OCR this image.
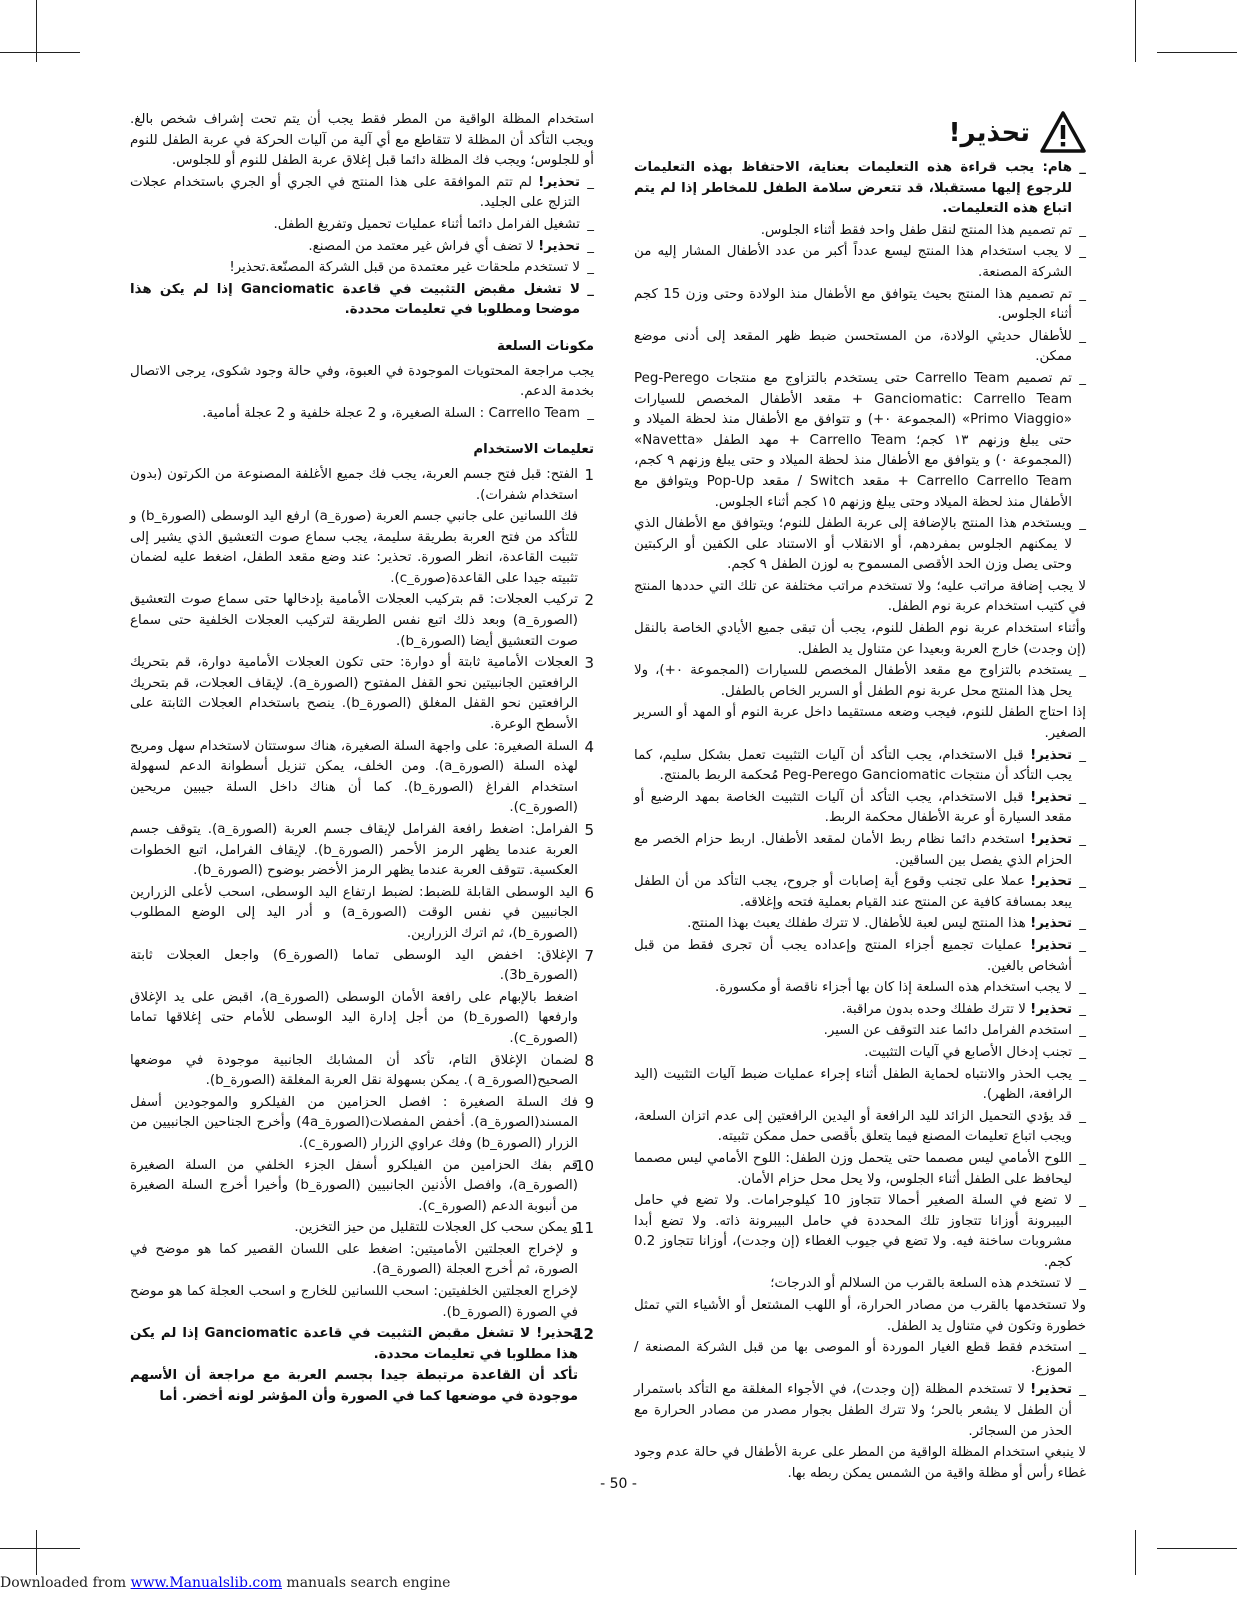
تحذير!
_ هام: يجب قراءة هذه التعليمات بعناية، الاحتفاظ بهذه التعليمات للرجوع إليها مستقبلا، قد تتعرض سلامة الطفل للمخاطر إذا لم يتم اتباع هذه التعليمات.
_ تم تصميم هذا المنتج لنقل طفل واحد فقط أثناء الجلوس.
_ لا يجب استخدام هذا المنتج ليسع عدداً أكبر من عدد الأطفال المشار إليه من الشركة المصنعة.
_ تم تصميم هذا المنتج بحيث يتوافق مع الأطفال منذ الولادة وحتى وزن 15 كجم أثناء الجلوس.
_ للأطفال حديثي الولادة، من المستحسن ضبط ظهر المقعد إلى أدنى موضع ممكن.
_ تم تصميم Carrello Team حتى يستخدم بالتزاوج مع منتجات Peg-Perego Ganciomatic: Carrello Team + مقعد الأطفال المخصص للسيارات «Primo Viaggio» (المجموعة ٠+) و تتوافق مع الأطفال منذ لحظة الميلاد و حتى يبلغ وزنهم ١٣ كجم؛ Carrello Team + مهد الطفل «Navetta» (المجموعة ٠) و يتوافق مع الأطفال منذ لحظة الميلاد و حتى يبلغ وزنهم ٩ كجم، Carrello Carrello Team + مقعد Switch / مقعد Pop-Up ويتوافق مع الأطفال منذ لحظة الميلاد وحتى يبلغ وزنهم ١٥ كجم أثناء الجلوس.
_ ويستخدم هذا المنتج بالإضافة إلى عربة الطفل للنوم؛ ويتوافق مع الأطفال الذي لا يمكنهم الجلوس بمفردهم، أو الانقلاب أو الاستناد على الكفين أو الركبتين وحتى يصل وزن الحد الأقصى المسموح به لوزن الطفل ٩ كجم.
لا يجب إضافة مراتب عليه؛ ولا تستخدم مراتب مختلفة عن تلك التي حددها المنتج في كتيب استخدام عربة نوم الطفل.
وأثناء استخدام عربة نوم الطفل للنوم، يجب أن تبقى جميع الأيادي الخاصة بالنقل (إن وجدت) خارج العربة وبعيدا عن متناول يد الطفل.
_ يستخدم بالتزاوج مع مقعد الأطفال المخصص للسيارات (المجموعة ٠+)، ولا يحل هذا المنتج محل عربة نوم الطفل أو السرير الخاص بالطفل.
إذا احتاج الطفل للنوم، فيجب وضعه مستقيما داخل عربة النوم أو المهد أو السرير الصغير.
_ تحذير! قبل الاستخدام، يجب التأكد أن آليات التثبيت تعمل بشكل سليم، كما يجب التأكد أن منتجات Peg-Perego Ganciomatic مُحكمة الربط بالمنتج.
_ تحذير! قبل الاستخدام، يجب التأكد أن آليات التثبيت الخاصة بمهد الرضيع أو مقعد السيارة أو عربة الأطفال محكمة الربط.
_ تحذير! استخدم دائما نظام ربط الأمان لمقعد الأطفال. اربط حزام الخصر مع الحزام الذي يفصل بين الساقين.
_ تحذير! عملا على تجنب وقوع أية إصابات أو جروح، يجب التأكد من أن الطفل يبعد بمسافة كافية عن المنتج عند القيام بعملية فتحه وإغلاقه.
_ تحذير! هذا المنتج ليس لعبة للأطفال. لا تترك طفلك يعبث بهذا المنتج.
_ تحذير! عمليات تجميع أجزاء المنتج وإعداده يجب أن تجرى فقط من قبل أشخاص بالغين.
_ لا يجب استخدام هذه السلعة إذا كان بها أجزاء ناقصة أو مكسورة.
_ تحذير! لا تترك طفلك وحده بدون مراقبة.
_ استخدم الفرامل دائما عند التوقف عن السير.
_ تجنب إدخال الأصابع في آليات التثبيت.
_ يجب الحذر والانتباه لحماية الطفل أثناء إجراء عمليات ضبط آليات التثبيت (اليد الرافعة، الظهر).
_ قد يؤدي التحميل الزائد لليد الرافعة أو اليدين الرافعتين إلى عدم اتزان السلعة، ويجب اتباع تعليمات المصنع فيما يتعلق بأقصى حمل ممكن تثبيته.
_ اللوح الأمامي ليس مصمما حتى يتحمل وزن الطفل: اللوح الأمامي ليس مصمما ليحافظ على الطفل أثناء الجلوس، ولا يحل محل حزام الأمان.
_ لا تضع في السلة الصغير أحمالا تتجاوز 10 كيلوجرامات. ولا تضع في حامل البيبرونة أوزانا تتجاوز تلك المحددة في حامل البيبرونة ذاته. ولا تضع أبدا مشروبات ساخنة فيه. ولا تضع في جيوب الغطاء (إن وجدت)، أوزانا تتجاوز 0.2 كجم.
_ لا تستخدم هذه السلعة بالقرب من السلالم أو الدرجات؛
ولا تستخدمها بالقرب من مصادر الحرارة، أو اللهب المشتعل أو الأشياء التي تمثل خطورة وتكون في متناول يد الطفل.
_ استخدم فقط قطع الغيار الموردة أو الموصى بها من قبل الشركة المصنعة / الموزع.
_ تحذير! لا تستخدم المظلة (إن وجدت)، في الأجواء المغلقة مع التأكد باستمرار أن الطفل لا يشعر بالحر؛ ولا تترك الطفل بجوار مصدر من مصادر الحرارة مع الحذر من السجائر.
لا ينبغي استخدام المظلة الواقية من المطر على عربة الأطفال في حالة عدم وجود غطاء رأس أو مظلة واقية من الشمس يمكن ربطه بها.
استخدام المظلة الواقية من المطر فقط يجب أن يتم تحت إشراف شخص بالغ. ويجب التأكد أن المظلة لا تتقاطع مع أي آلية من آليات الحركة في عربة الطفل للنوم أو للجلوس؛ ويجب فك المظلة دائما قبل إغلاق عربة الطفل للنوم أو للجلوس.
_ تحذير! لم تتم الموافقة على هذا المنتج في الجري أو الجري باستخدام عجلات التزلج على الجليد.
_ تشغيل الفرامل دائما أثناء عمليات تحميل وتفريغ الطفل.
_ تحذير! لا تضف أي فراش غير معتمد من المصنع.
_ لا تستخدم ملحقات غير معتمدة من قبل الشركة المصنّعة.تحذير!
_ لا تشغل مقبض التثبيت في قاعدة Ganciomatic إذا لم يكن هذا موضحا ومطلوبا في تعليمات محددة.
مكونات السلعة
يجب مراجعة المحتويات الموجودة في العبوة، وفي حالة وجود شكوى، يرجى الاتصال بخدمة الدعم.
_ Carrello Team : السلة الصغيرة، و 2 عجلة خلفية و 2 عجلة أمامية.
تعليمات الاستخدام
1
الفتح: قبل فتح جسم العربة، يجب فك جميع الأغلفة المصنوعة من الكرتون (بدون استخدام شفرات).
فك اللسانين على جانبي جسم العربة (صورة_a) ارفع اليد الوسطى (الصورة_b) و للتأكد من فتح العربة بطريقة سليمة، يجب سماع صوت التعشيق الذي يشير إلى تثبيت القاعدة، انظر الصورة. تحذير: عند وضع مقعد الطفل، اضغط عليه لضمان تثبيته جيدا على القاعدة(صورة_c).
2
تركيب العجلات: قم بتركيب العجلات الأمامية بإدخالها حتى سماع صوت التعشيق (الصورة_a) وبعد ذلك اتبع نفس الطريقة لتركيب العجلات الخلفية حتى سماع صوت التعشيق أيضا (الصورة_b).
3
العجلات الأمامية ثابتة أو دوارة: حتى تكون العجلات الأمامية دوارة، قم بتحريك الرافعتين الجانبيتين نحو القفل المفتوح (الصورة_a). لإيقاف العجلات، قم بتحريك الرافعتين نحو القفل المغلق (الصورة_b). ينصح باستخدام العجلات الثابتة على الأسطح الوعرة.
4
السلة الصغيرة: على واجهة السلة الصغيرة، هناك سوستتان لاستخدام سهل ومريح لهذه السلة (الصورة_a). ومن الخلف، يمكن تنزيل أسطوانة الدعم لسهولة استخدام الفراغ (الصورة_b). كما أن هناك داخل السلة جيبين مريحين (الصورة_c).
5
الفرامل: اضغط رافعة الفرامل لإيقاف جسم العربة (الصورة_a). يتوقف جسم العربة عندما يظهر الرمز الأحمر (الصورة_b). لإيقاف الفرامل، اتبع الخطوات العكسية. تتوقف العربة عندما يظهر الرمز الأخضر بوضوح (الصورة_b).
6
اليد الوسطى القابلة للضبط: لضبط ارتفاع اليد الوسطى، اسحب لأعلى الزرارين الجانبيين في نفس الوقت (الصورة_a) و أدر اليد إلى الوضع المطلوب (الصورة_b)، ثم اترك الزرارين.
7
الإغلاق: اخفض اليد الوسطى تماما (الصورة_6) واجعل العجلات ثابتة (الصورة_3b).
اضغط بالإبهام على رافعة الأمان الوسطى (الصورة_a)، اقبض على يد الإغلاق وارفعها (الصورة_b) من أجل إدارة اليد الوسطى للأمام حتى إغلاقها تماما (الصورة_c).
8
لضمان الإغلاق التام، تأكد أن المشابك الجانبية موجودة في موضعها الصحيح(الصورة_a ). يمكن بسهولة نقل العربة المغلقة (الصورة_b).
9
فك السلة الصغيرة : افصل الحزامين من الفيلكرو والموجودين أسفل المسند(الصورة_a). أخفض المفصلات(الصورة_4a) وأخرج الجناحين الجانبيين من الزرار (الصورة_b) وفك عراوي الزرار (الصورة_c).
10
قم بفك الحزامين من الفيلكرو أسفل الجزء الخلفي من السلة الصغيرة (الصورة_a)، وافصل الأذنين الجانبيين (الصورة_b) وأخيرا أخرج السلة الصغيرة من أنبوبة الدعم (الصورة_c).
11
و يمكن سحب كل العجلات للتقليل من حيز التخزين.
و لإخراج العجلتين الأماميتين: اضغط على اللسان القصير كما هو موضح في الصورة، ثم أخرج العجلة (الصورة_a).
لإخراج العجلتين الخلفيتين: اسحب اللسانين للخارج و اسحب العجلة كما هو موضح في الصورة (الصورة_b).
12
تحذير! لا تشغل مقبض التثبيت في قاعدة Ganciomatic إذا لم يكن هذا مطلوبا في تعليمات محددة.
تأكد أن القاعدة مرتبطة جيدا بجسم العربة مع مراجعة أن الأسهم موجودة في موضعها كما في الصورة وأن المؤشر لونه أخضر. أما
- 50 -
Downloaded from www.Manualslib.com manuals search engine
